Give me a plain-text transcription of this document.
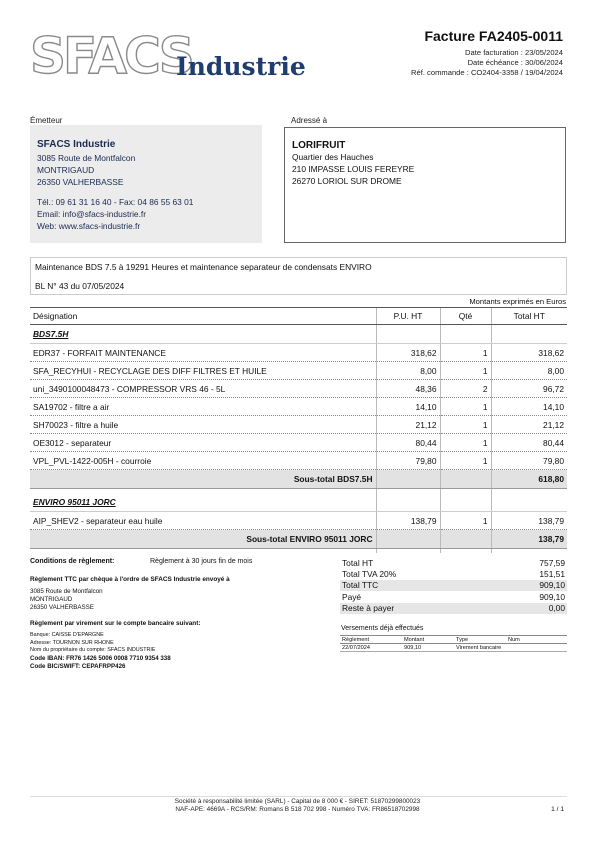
SFACS
Industrie
Facture FA2405-0011
Date facturation : 23/05/2024
Date échéance : 30/06/2024
Réf. commande : CO2404-3358 / 19/04/2024
Émetteur
SFACS Industrie
3085 Route de Montfalcon
MONTRIGAUD
26350 VALHERBASSE
Tél.: 09 61 31 16 40 - Fax: 04 86 55 63 01
Email: info@sfacs-industrie.fr
Web: www.sfacs-industrie.fr
Adressé à
LORIFRUIT
Quartier des Hauches
210 IMPASSE LOUIS FEREYRE
26270 LORIOL SUR DROME
Maintenance BDS 7.5 à 19291 Heures et maintenance separateur de condensats ENVIRO
BL N° 43 du 07/05/2024
Montants exprimés en Euros
Désignation	P.U. HT	Qté	Total HT
BDS7.5H			
EDR37 - FORFAIT MAINTENANCE	318,62	1	318,62
SFA_RECYHUI - RECYCLAGE DES DIFF FILTRES ET HUILE	8,00	1	8,00
uni_3490100048473 - COMPRESSOR VRS 46 - 5L	48,36	2	96,72
SA19702 - filtre a air	14,10	1	14,10
SH70023 - filtre a huile	21,12	1	21,12
OE3012 - separateur	80,44	1	80,44
VPL_PVL-1422-005H - courroie	79,80	1	79,80
Sous-total BDS7.5H			618,80

ENVIRO 95011 JORC			
AIP_SHEV2 - separateur eau huile	138,79	1	138,79
Sous-total ENVIRO 95011 JORC			138,79

Conditions de règlement:	Règlement à 30 jours fin de mois
Règlement TTC par chèque à l'ordre de SFACS Industrie envoyé à
3085 Route de Montfalcon
MONTRIGAUD
26350 VALHERBASSE
Règlement par virement sur le compte bancaire suivant:
Banque: CAISSE D'EPARGNE
Adresse: TOURNON SUR RHONE
Nom du propriétaire du compte: SFACS INDUSTRIE
Code IBAN: FR76 1426 5006 0008 7710 9354 338
Code BIC/SWIFT: CEPAFRPP426
Total HT	757,59
Total TVA 20%	151,51
Total TTC	909,10
Payé	909,10
Reste à payer	0,00
Versements déjà effectués
Règlement	Montant	Type	Num
22/07/2024	909,10	Virement bancaire	
Société à responsabilité limitée (SARL) - Capital de 8 000 € - SIRET: 51870299800023
NAF-APE: 4669A - RCS/RM: Romans B 518 702 998 - Numéro TVA: FR86518702998	1 / 1
